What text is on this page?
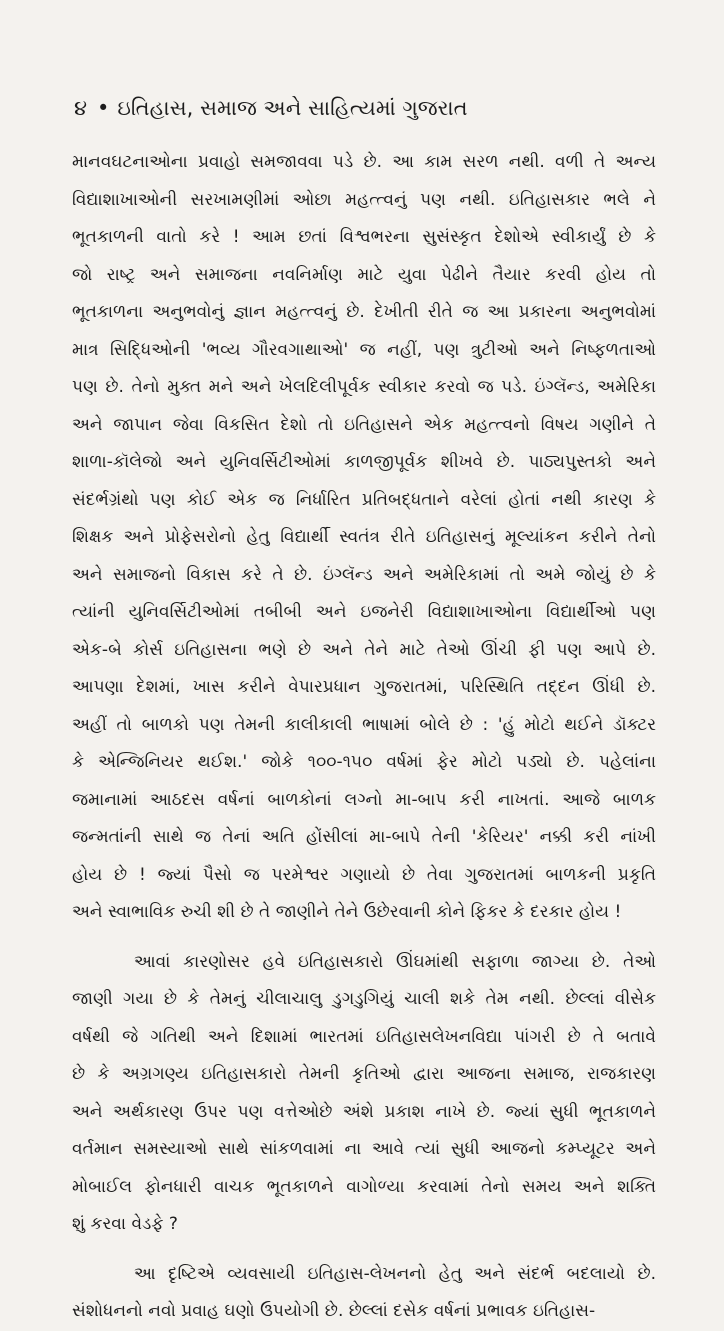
૪ • ઇતિહાસ, સમાજ અને સાહિત્યમાં ગુજરાત
માનવઘટનાઓના પ્રવાહો સમજાવવા પડે છે. આ કામ સરળ નથી. વળી તે અન્ય
વિદ્યાશાખાઓની સરખામણીમાં ઓછા મહત્ત્વનું પણ નથી. ઇતિહાસકાર ભલે ને
ભૂતકાળની વાતો કરે ! આમ છતાં વિશ્વભરના સુસંસ્કૃત દેશોએ સ્વીકાર્યું છે કે
જો રાષ્ટ્ર અને સમાજના નવનિર્માણ માટે યુવા પેઢીને તૈયાર કરવી હોય તો
ભૂતકાળના અનુભવોનું જ્ઞાન મહત્ત્વનું છે. દેખીતી રીતે જ આ પ્રકારના અનુભવોમાં
માત્ર સિદ્ધિઓની 'ભવ્ય ગૌરવગાથાઓ' જ નહીં, પણ ત્રુટીઓ અને નિષ્ફળતાઓ
પણ છે. તેનો મુક્ત મને અને ખેલદિલીપૂર્વક સ્વીકાર કરવો જ પડે. ઇંગ્લૅન્ડ, અમેરિકા
અને જાપાન જેવા વિકસિત દેશો તો ઇતિહાસને એક મહત્ત્વનો વિષય ગણીને તે
શાળા-કૉલેજો અને યુનિવર્સિટીઓમાં કાળજીપૂર્વક શીખવે છે. પાઠ્યપુસ્તકો અને
સંદર્ભગ્રંથો પણ કોઈ એક જ નિર્ધારિત પ્રતિબદ્ધતાને વરેલાં હોતાં નથી કારણ કે
શિક્ષક અને પ્રોફેસરોનો હેતુ વિદ્યાર્થી સ્વતંત્ર રીતે ઇતિહાસનું મૂલ્યાંકન કરીને તેનો
અને સમાજનો વિકાસ કરે તે છે. ઇંગ્લૅન્ડ અને અમેરિકામાં તો અમે જોયું છે કે
ત્યાંની યુનિવર્સિટીઓમાં તબીબી અને ઇજનેરી વિદ્યાશાખાઓના વિદ્યાર્થીઓ પણ
એક-બે કોર્સ ઇતિહાસના ભણે છે અને તેને માટે તેઓ ઊંચી ફી પણ આપે છે.
આપણા દેશમાં, ખાસ કરીને વેપારપ્રધાન ગુજરાતમાં, પરિસ્થિતિ તદ્દન ઊંધી છે.
અહીં તો બાળકો પણ તેમની કાલીકાલી ભાષામાં બોલે છે : 'હું મોટો થઈને ડૉક્ટર
કે એન્જિનિયર થઈશ.' જોકે ૧૦૦-૧૫૦ વર્ષમાં ફેર મોટો પડ્યો છે. પહેલાંના
જમાનામાં આઠદસ વર્ષનાં બાળકોનાં લગ્નો મા-બાપ કરી નાખતાં. આજે બાળક
જન્મતાંની સાથે જ તેનાં અતિ હોંસીલાં મા-બાપે તેની 'કેરિયર' નક્કી કરી નાંખી
હોય છે ! જ્યાં પૈસો જ પરમેશ્વર ગણાયો છે તેવા ગુજરાતમાં બાળકની પ્રકૃતિ
અને સ્વાભાવિક રુચી શી છે તે જાણીને તેને ઉછેરવાની કોને ફિકર કે દરકાર હોય !
આવાં કારણોસર હવે ઇતિહાસકારો ઊંઘમાંથી સફાળા જાગ્યા છે. તેઓ
જાણી ગયા છે કે તેમનું ચીલાચાલુ ડુગડુગિયું ચાલી શકે તેમ નથી. છેલ્લાં વીસેક
વર્ષથી જે ગતિથી અને દિશામાં ભારતમાં ઇતિહાસલેખનવિદ્યા પાંગરી છે તે બતાવે
છે કે અગ્રગણ્ય ઇતિહાસકારો તેમની કૃતિઓ દ્વારા આજના સમાજ, રાજકારણ
અને અર્થકારણ ઉપર પણ વત્તેઓછે અંશે પ્રકાશ નાખે છે. જ્યાં સુધી ભૂતકાળને
વર્તમાન સમસ્યાઓ સાથે સાંકળવામાં ના આવે ત્યાં સુધી આજનો કમ્પ્યૂટર અને
મોબાઈલ ફોનધારી વાચક ભૂતકાળને વાગોળ્યા કરવામાં તેનો સમય અને શક્તિ
શું કરવા વેડફે ?
આ દૃષ્ટિએ વ્યવસાયી ઇતિહાસ-લેખનનો હેતુ અને સંદર્ભ બદલાયો છે.
સંશોધનનો નવો પ્રવાહ ઘણો ઉપયોગી છે. છેલ્લાં દસેક વર્ષનાં પ્રભાવક ઇતિહાસ-
